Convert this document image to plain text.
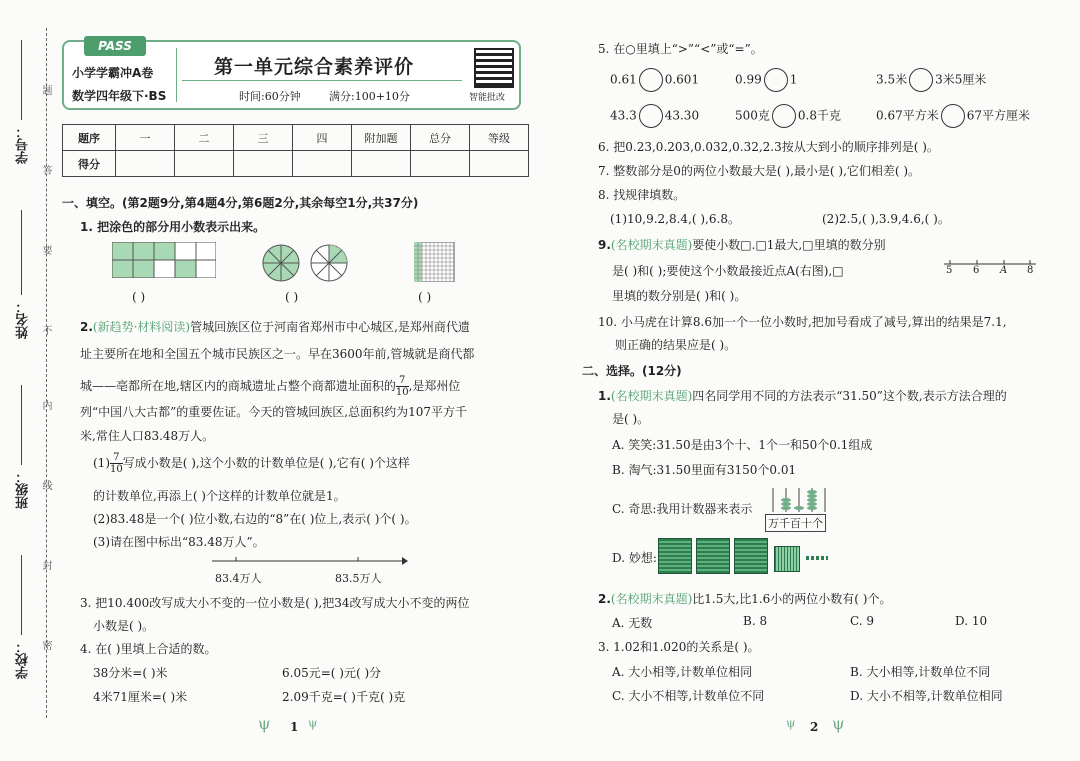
学号：
姓名：
班级：
学校：
题
答
要
不
内
线
封
密
PASS
小学学霸冲A卷
数学四年级下·BS
第一单元综合素养评价
时间:60分钟	满分:100+10分	智能批改
题序	一	二	三	四	附加题	总分	等级
得分							
一、填空。(第2题9分,第4题4分,第6题2分,其余每空1分,共37分)
1. 把涂色的部分用小数表示出来。
( )	( )	( )
2.(新趋势·材料阅读)管城回族区位于河南省郑州市中心城区,是郑州商代遗
址主要所在地和全国五个城市民族区之一。早在3600年前,管城就是商代都
城——亳都所在地,辖区内的商城遗址占整个商都遗址面积的 $\frac{7}{10}$ ,是郑州位
列“中国八大古都”的重要佐证。今天的管城回族区,总面积约为107平方千
米,常住人口83.48万人。
$(1) \frac{7}{10}$ 写成小数是( ),这个小数的计数单位是( ),它有( )个这样
的计数单位,再添上( )个这样的计数单位就是1。
(2)83.48是一个( )位小数,右边的“8”在( )位上,表示( )个( )。
(3)请在图中标出“83.48万人”。
83.4万人	83.5万人
3. 把10.400改写成大小不变的一位小数是( ),把34改写成大小不变的两位
小数是( )。
4. 在( )里填上合适的数。
38分米=( )米	6.05元=( )元( )分
4米71厘米=( )米	2.09千克=( )千克( )克
1
ψ	ψ
5. 在○里填上“>”“<”或“=”。
0.61 0.601	0.99 1	3.5米 3米5厘米
43.3 43.30	500克 0.8千克	0.67平方米 67平方厘米
6. 把0.23,0.203,0.032,0.32,2.3按从大到小的顺序排列是( )。
7. 整数部分是0的两位小数最大是( ),最小是( ),它们相差( )。
8. 找规律填数。
(1)10,9.2,8.4,( ),6.8。	(2)2.5,( ),3.9,4.6,( )。
9.(名校期末真题)要使小数□.□1最大,□里填的数分别
是( )和( );要使这个小数最接近点A(右图),□
里填的数分别是( )和( )。
5 6 A 8
10. 小马虎在计算8.6加一个一位小数时,把加号看成了减号,算出的结果是7.1,
则正确的结果应是( )。
二、选择。(12分)
1.(名校期末真题)四名同学用不同的方法表示“31.50”这个数,表示方法合理的
是( )。
A. 笑笑:31.50是由3个十、1个一和50个0.1组成
B. 淘气:31.50里面有3150个0.01
C. 奇思:我用计数器来表示
万千百十个
D. 妙想:
2.(名校期末真题)比1.5大,比1.6小的两位小数有( )个。
A. 无数	B. 8	C. 9	D. 10
3. 1.02和1.020的关系是( )。
A. 大小相等,计数单位相同	B. 大小相等,计数单位不同
C. 大小不相等,计数单位不同	D. 大小不相等,计数单位相同
2
ψ ψ
